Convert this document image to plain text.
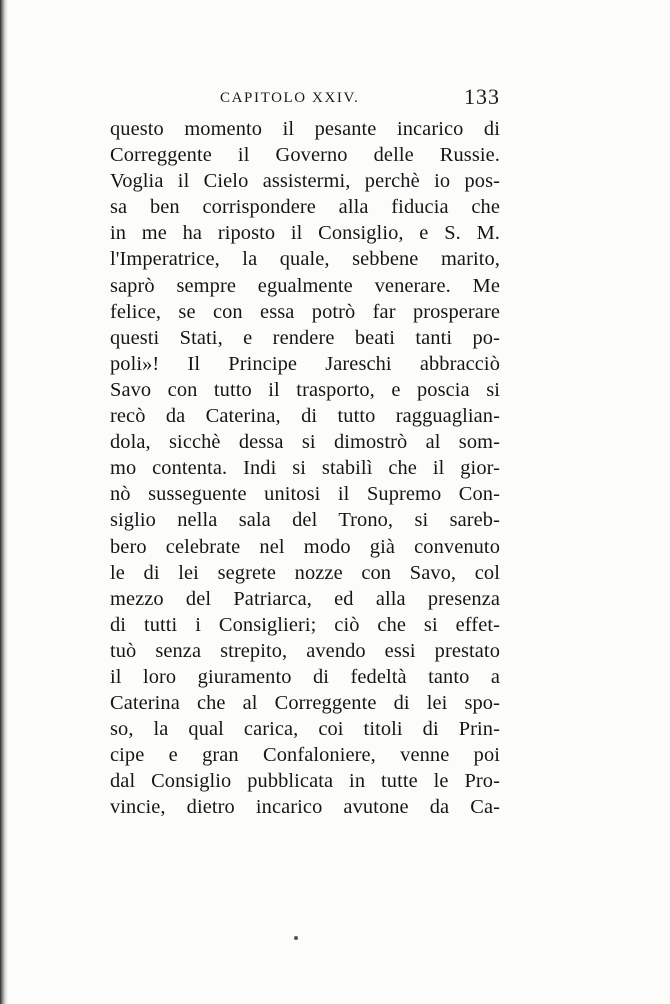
CAPITOLO XXIV.	133
questo momento il pesante incarico di
Correggente il Governo delle Russie.
Voglia il Cielo assistermi, perchè io pos-
sa ben corrispondere alla fiducia che
in me ha riposto il Consiglio, e S. M.
l'Imperatrice, la quale, sebbene marito,
saprò sempre egualmente venerare. Me
felice, se con essa potrò far prosperare
questi Stati, e rendere beati tanti po-
poli»! Il Principe Jareschi abbracciò
Savo con tutto il trasporto, e poscia si
recò da Caterina, di tutto ragguaglian-
dola, sicchè dessa si dimostrò al som-
mo contenta. Indi si stabilì che il gior-
nò susseguente unitosi il Supremo Con-
siglio nella sala del Trono, si sareb-
bero celebrate nel modo già convenuto
le di lei segrete nozze con Savo, col
mezzo del Patriarca, ed alla presenza
di tutti i Consiglieri; ciò che si effet-
tuò senza strepito, avendo essi prestato
il loro giuramento di fedeltà tanto a
Caterina che al Correggente di lei spo-
so, la qual carica, coi titoli di Prin-
cipe e gran Confaloniere, venne poi
dal Consiglio pubblicata in tutte le Pro-
vincie, dietro incarico avutone da Ca-
